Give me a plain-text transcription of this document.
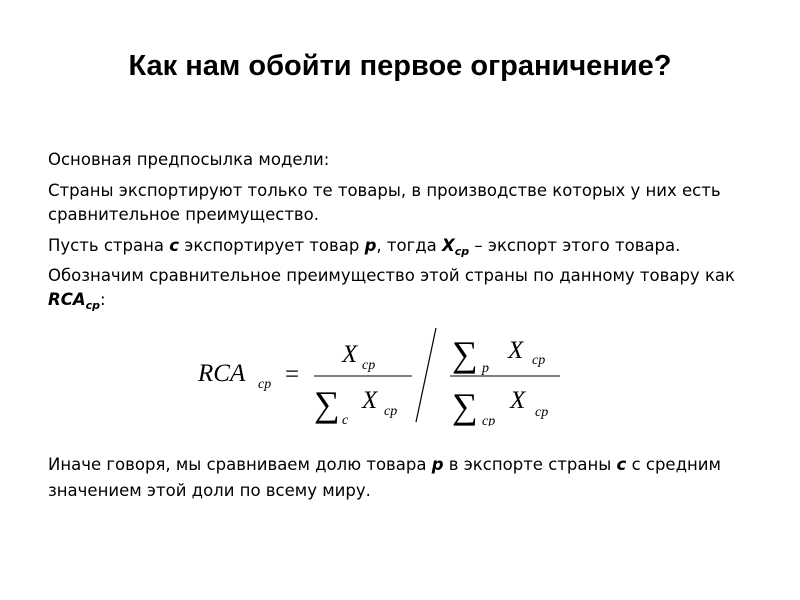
Как нам обойти первое ограничение?

Основная предпосылка модели:

Страны экспортируют только те товары, в производстве которых у них есть сравнительное преимущество.

Пусть страна c экспортирует товар p, тогда $X_{cp}$ – экспорт этого товара. Обозначим сравнительное преимущество этой страны по данному товару как $RCA_{cp}$:

RCA cp =
X cp
∑ c
X cp
∑ p
X cp
∑ cp
X cp
Иначе говоря, мы сравниваем долю товара p в экспорте страны c с средним значением этой доли по всему миру.
